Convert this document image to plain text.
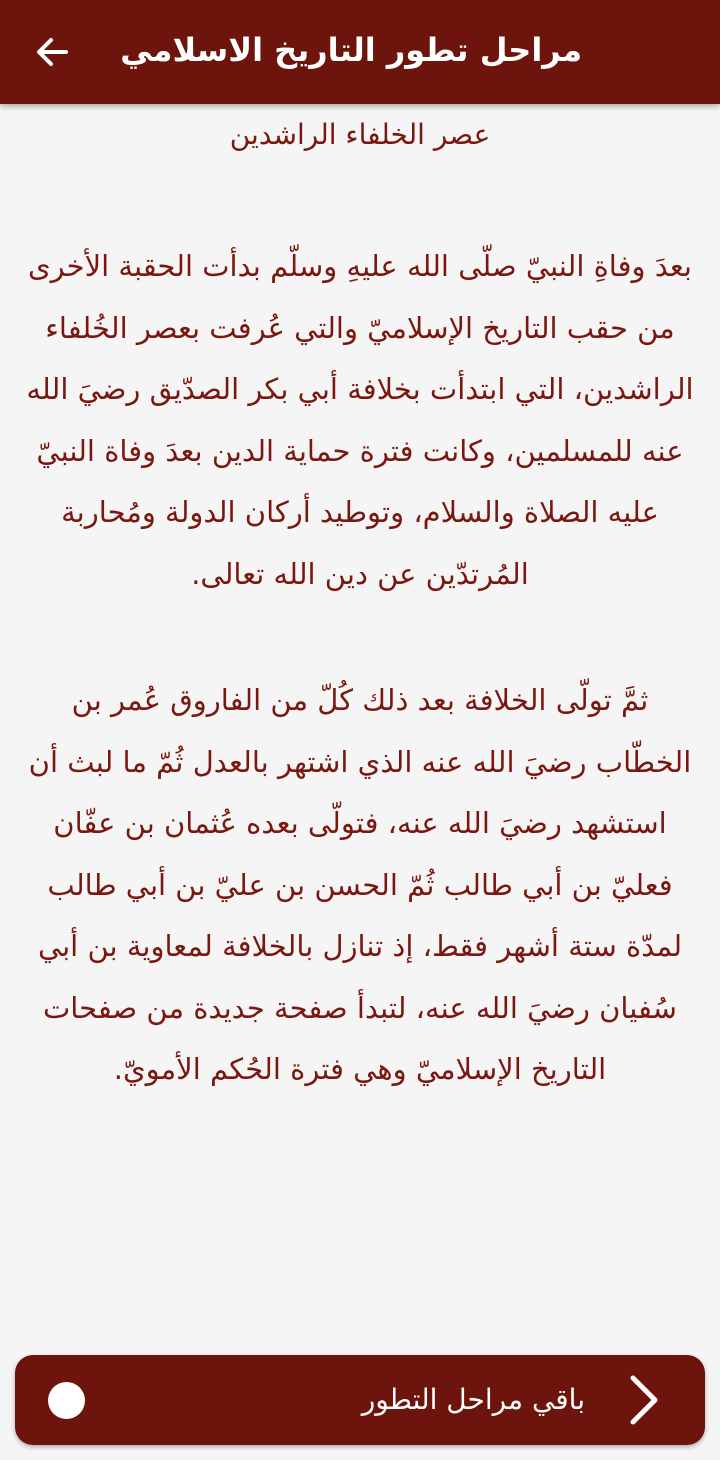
مراحل تطور التاريخ الاسلامي
عصر الخلفاء الراشدين

بعدَ وفاةِ النبيّ صلّى الله عليهِ وسلّم بدأت الحقبة الأخرى من حقب التاريخ الإسلاميّ والتي عُرفت بعصر الخُلفاء الراشدين، التي ابتدأت بخلافة أبي بكر الصدّيق رضيَ الله عنه للمسلمين، وكانت فترة حماية الدين بعدَ وفاة النبيّ عليه الصلاة والسلام، وتوطيد أركان الدولة ومُحاربة المُرتدّين عن دين الله تعالى.

ثمَّ تولّى الخلافة بعد ذلك كُلّ من الفاروق عُمر بن الخطّاب رضيَ الله عنه الذي اشتهر بالعدل ثُمّ ما لبث أن استشهد رضيَ الله عنه، فتولّى بعده عُثمان بن عفّان فعليّ بن أبي طالب ثُمّ الحسن بن عليّ بن أبي طالب لمدّة ستة أشهر فقط، إذ تنازل بالخلافة لمعاوية بن أبي سُفيان رضيَ الله عنه، لتبدأ صفحة جديدة من صفحات التاريخ الإسلاميّ وهي فترة الحُكم الأمويّ.

باقي مراحل التطور
